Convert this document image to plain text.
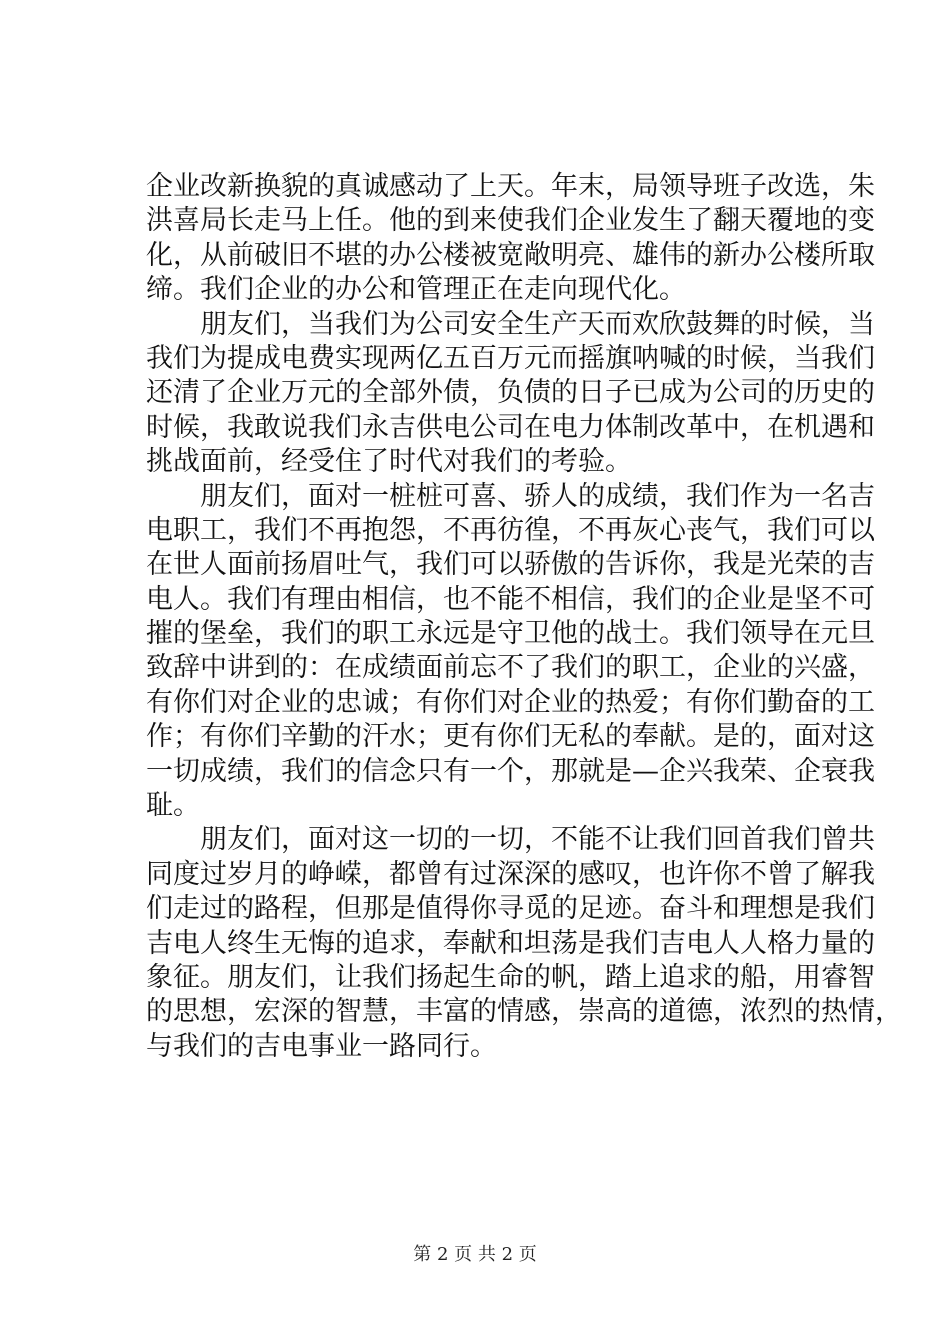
企业改新换貌的真诚感动了上天。年末，局领导班子改选，朱
洪喜局长走马上任。他的到来使我们企业发生了翻天覆地的变
化，从前破旧不堪的办公楼被宽敞明亮、雄伟的新办公楼所取
缔。我们企业的办公和管理正在走向现代化。
　　朋友们，当我们为公司安全生产天而欢欣鼓舞的时候，当
我们为提成电费实现两亿五百万元而摇旗呐喊的时候，当我们
还清了企业万元的全部外债，负债的日子已成为公司的历史的
时候，我敢说我们永吉供电公司在电力体制改革中，在机遇和
挑战面前，经受住了时代对我们的考验。
　　朋友们，面对一桩桩可喜、骄人的成绩，我们作为一名吉
电职工，我们不再抱怨，不再彷徨，不再灰心丧气，我们可以
在世人面前扬眉吐气，我们可以骄傲的告诉你，我是光荣的吉
电人。我们有理由相信，也不能不相信，我们的企业是坚不可
摧的堡垒，我们的职工永远是守卫他的战士。我们领导在元旦
致辞中讲到的：在成绩面前忘不了我们的职工，企业的兴盛，
有你们对企业的忠诚；有你们对企业的热爱；有你们勤奋的工
作；有你们辛勤的汗水；更有你们无私的奉献。是的，面对这
一切成绩，我们的信念只有一个，那就是—企兴我荣、企衰我
耻。
　　朋友们，面对这一切的一切，不能不让我们回首我们曾共
同度过岁月的峥嵘，都曾有过深深的感叹，也许你不曾了解我
们走过的路程，但那是值得你寻觅的足迹。奋斗和理想是我们
吉电人终生无悔的追求，奉献和坦荡是我们吉电人人格力量的
象征。朋友们，让我们扬起生命的帆，踏上追求的船，用睿智
的思想，宏深的智慧，丰富的情感，崇高的道德，浓烈的热情，
与我们的吉电事业一路同行。
第 2 页 共 2 页
